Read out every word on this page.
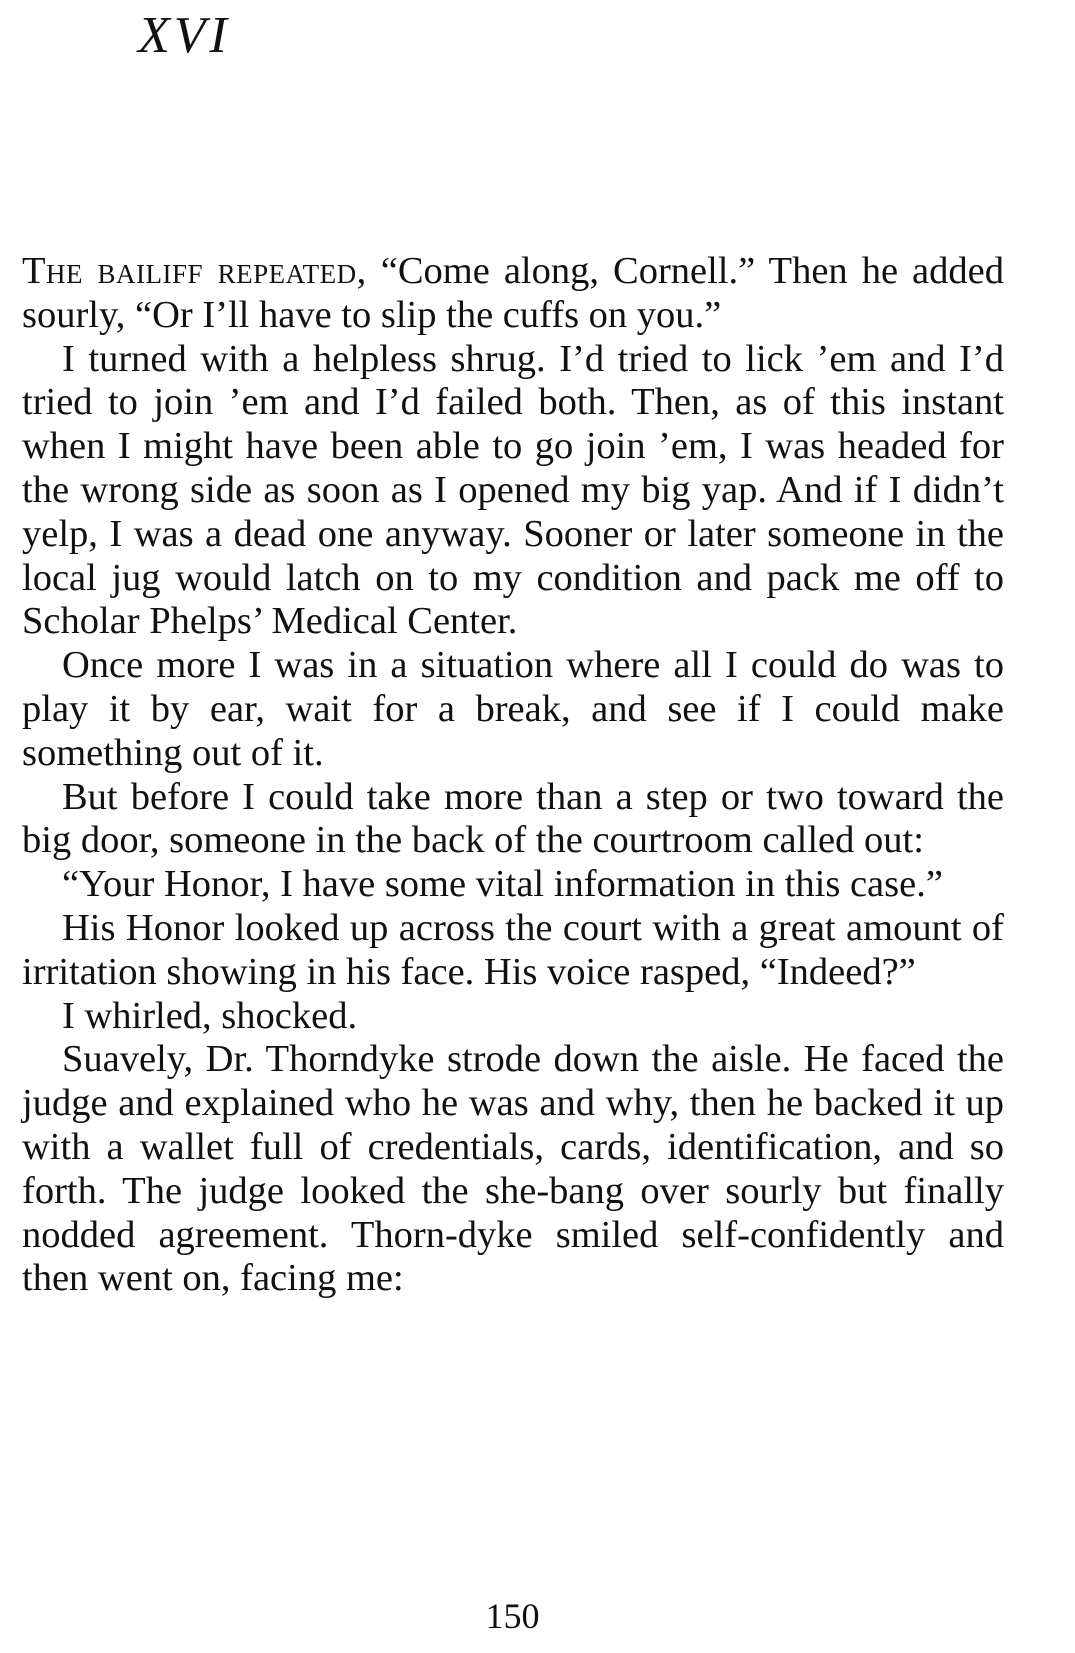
XVI

The bailiff repeated, “Come along, Cornell.” Then he added sourly, “Or I’ll have to slip the cuffs on you.”

I turned with a helpless shrug. I’d tried to lick ’em and I’d tried to join ’em and I’d failed both. Then, as of this instant when I might have been able to go join ’em, I was headed for the wrong side as soon as I opened my big yap. And if I didn’t yelp, I was a dead one anyway. Sooner or later someone in the local jug would latch on to my condition and pack me off to Scholar Phelps’ Medical Center.

Once more I was in a situation where all I could do was to play it by ear, wait for a break, and see if I could make something out of it.

But before I could take more than a step or two toward the big door, someone in the back of the courtroom called out:

“Your Honor, I have some vital information in this case.”

His Honor looked up across the court with a great amount of irritation showing in his face. His voice rasped, “Indeed?”

I whirled, shocked.

Suavely, Dr. Thorndyke strode down the aisle. He faced the judge and explained who he was and why, then he backed it up with a wallet full of credentials, cards, identification, and so forth. The judge looked the she-bang over sourly but finally nodded agreement. Thorn-dyke smiled self-confidently and then went on, facing me:

150
